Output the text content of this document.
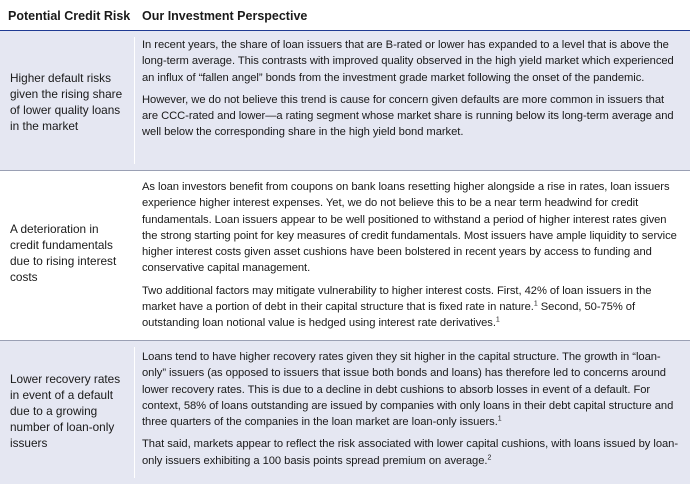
Potential Credit Risk Our Investment Perspective
Higher default risks given the rising share of lower quality loans in the market

In recent years, the share of loan issuers that are B-rated or lower has expanded to a level that is above the long-term average. This contrasts with improved quality observed in the high yield market which experienced an influx of “fallen angel” bonds from the investment grade market following the onset of the pandemic.

However, we do not believe this trend is cause for concern given defaults are more common in issuers that are CCC-rated and lower—a rating segment whose market share is running below its long-term average and well below the corresponding share in the high yield bond market.

A deterioration in credit fundamentals due to rising interest costs

As loan investors benefit from coupons on bank loans resetting higher alongside a rise in rates, loan issuers experience higher interest expenses. Yet, we do not believe this to be a near term headwind for credit fundamentals. Loan issuers appear to be well positioned to withstand a period of higher interest rates given the strong starting point for key measures of credit fundamentals. Most issuers have ample liquidity to service higher interest costs given asset cushions have been bolstered in recent years by access to funding and conservative capital management.

Two additional factors may mitigate vulnerability to higher interest costs. First, 42% of loan issuers in the market have a portion of debt in their capital structure that is fixed rate in nature.$^1$ Second, 50-75% of outstanding loan notional value is hedged using interest rate derivatives.$^1$

Lower recovery rates in event of a default due to a growing number of loan-only issuers

Loans tend to have higher recovery rates given they sit higher in the capital structure. The growth in “loan-only” issuers (as opposed to issuers that issue both bonds and loans) has therefore led to concerns around lower recovery rates. This is due to a decline in debt cushions to absorb losses in event of a default. For context, 58% of loans outstanding are issued by companies with only loans in their debt capital structure and three quarters of the companies in the loan market are loan-only issuers.$^1$

That said, markets appear to reflect the risk associated with lower capital cushions, with loans issued by loan-only issuers exhibiting a 100 basis points spread premium on average.$^2$
